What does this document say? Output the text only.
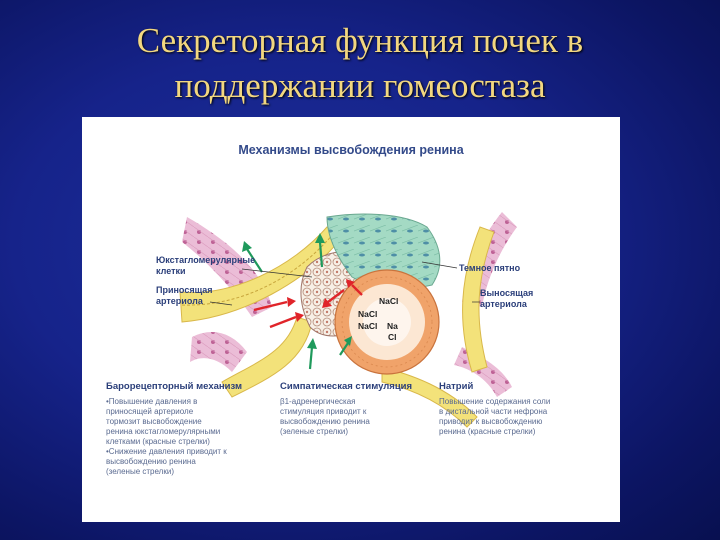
Секреторная функция почек в
поддержании гомеостаза
Механизмы высвобождения ренина
NaCl
NaCl
NaCl Na
Cl
Юкстагломерулярные
клетки
Приносящая
артериола
Темное пятно
Выносящая
артериола
Барорецепторный механизм
•Повышение давления в
приносящей артериоле
тормозит высвобождение
ренина юкстагломерулярными
клетками (красные стрелки)
•Снижение давления приводит к
высвобождению ренина
(зеленые стрелки)
Симпатическая стимуляция
β1-адренергическая
стимуляция приводит к
высвобождению ренина
(зеленые стрелки)
Натрий
Повышение содержания соли
в дистальной части нефрона
приводит к высвобождению
ренина (красные стрелки)
